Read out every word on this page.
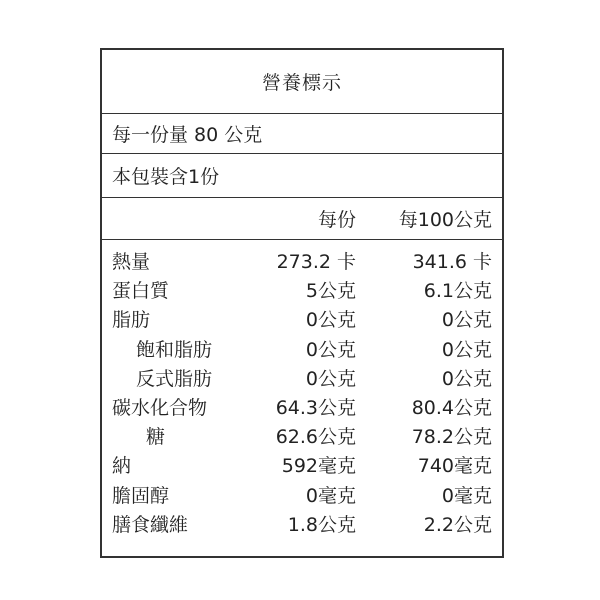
營養標示
每一份量 80 公克
本包裝含1份
每份 每100公克
熱量	273.2 卡	341.6 卡
蛋白質	5公克	6.1公克
脂肪	0公克	0公克
飽和脂肪	0公克	0公克
反式脂肪	0公克	0公克
碳水化合物	64.3公克	80.4公克
糖	62.6公克	78.2公克
納	592毫克	740毫克
膽固醇	0毫克	0毫克
膳食纖維	1.8公克	2.2公克
